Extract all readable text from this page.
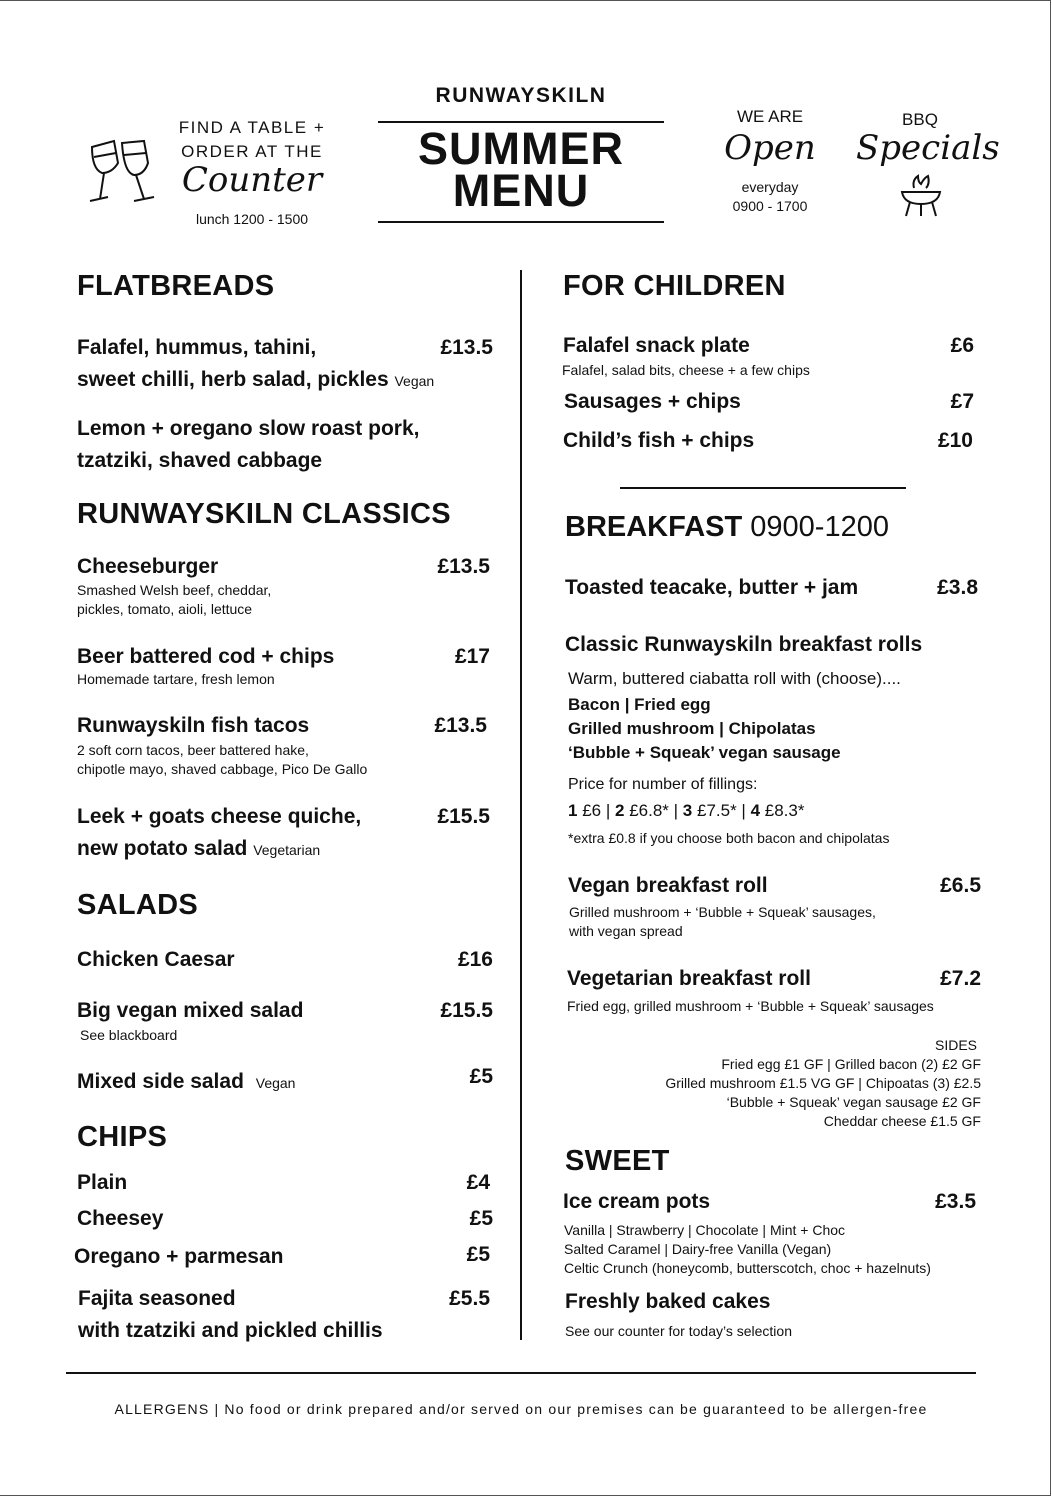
FIND A TABLE +
ORDER AT THE
Counter
lunch 1200 - 1500
RUNWAYSKILN
SUMMER
MENU
WE ARE
Open
everyday
0900 - 1700
BBQ
Specials
FLATBREADS
Falafel, hummus, tahini,	£13.5
sweet chilli, herb salad, pickles Vegan
Lemon + oregano slow roast pork,
tzatziki, shaved cabbage
RUNWAYSKILN CLASSICS
Cheeseburger	£13.5
Smashed Welsh beef, cheddar,
pickles, tomato, aioli, lettuce
Beer battered cod + chips	£17
Homemade tartare, fresh lemon
Runwayskiln fish tacos	£13.5
2 soft corn tacos, beer battered hake,
chipotle mayo, shaved cabbage, Pico De Gallo
Leek + goats cheese quiche,	£15.5
new potato salad Vegetarian
SALADS
Chicken Caesar	£16
Big vegan mixed salad	£15.5
See blackboard
Mixed side salad Vegan	£5
CHIPS
Plain	£4
Cheesey	£5
Oregano + parmesan	£5
Fajita seasoned	£5.5
with tzatziki and pickled chillis
FOR CHILDREN
Falafel snack plate	£6
Falafel, salad bits, cheese + a few chips
Sausages + chips	£7
Child’s fish + chips	£10
BREAKFAST 0900-1200
Toasted teacake, butter + jam	£3.8
Classic Runwayskiln breakfast rolls
Warm, buttered ciabatta roll with (choose)....
Bacon | Fried egg
Grilled mushroom | Chipolatas
‘Bubble + Squeak’ vegan sausage
Price for number of fillings:
1 £6 | 2 £6.8* | 3 £7.5* | 4 £8.3*
*extra £0.8 if you choose both bacon and chipolatas
Vegan breakfast roll	£6.5
Grilled mushroom + ‘Bubble + Squeak’ sausages,
with vegan spread
Vegetarian breakfast roll	£7.2
Fried egg, grilled mushroom + ‘Bubble + Squeak’ sausages
SIDES
Fried egg £1 GF | Grilled bacon (2) £2 GF
Grilled mushroom £1.5 VG GF | Chipoatas (3) £2.5
‘Bubble + Squeak’ vegan sausage £2 GF
Cheddar cheese £1.5 GF
SWEET
Ice cream pots	£3.5
Vanilla | Strawberry | Chocolate | Mint + Choc
Salted Caramel | Dairy-free Vanilla (Vegan)
Celtic Crunch (honeycomb, butterscotch, choc + hazelnuts)
Freshly baked cakes
See our counter for today’s selection
ALLERGENS | No food or drink prepared and/or served on our premises can be guaranteed to be allergen-free
